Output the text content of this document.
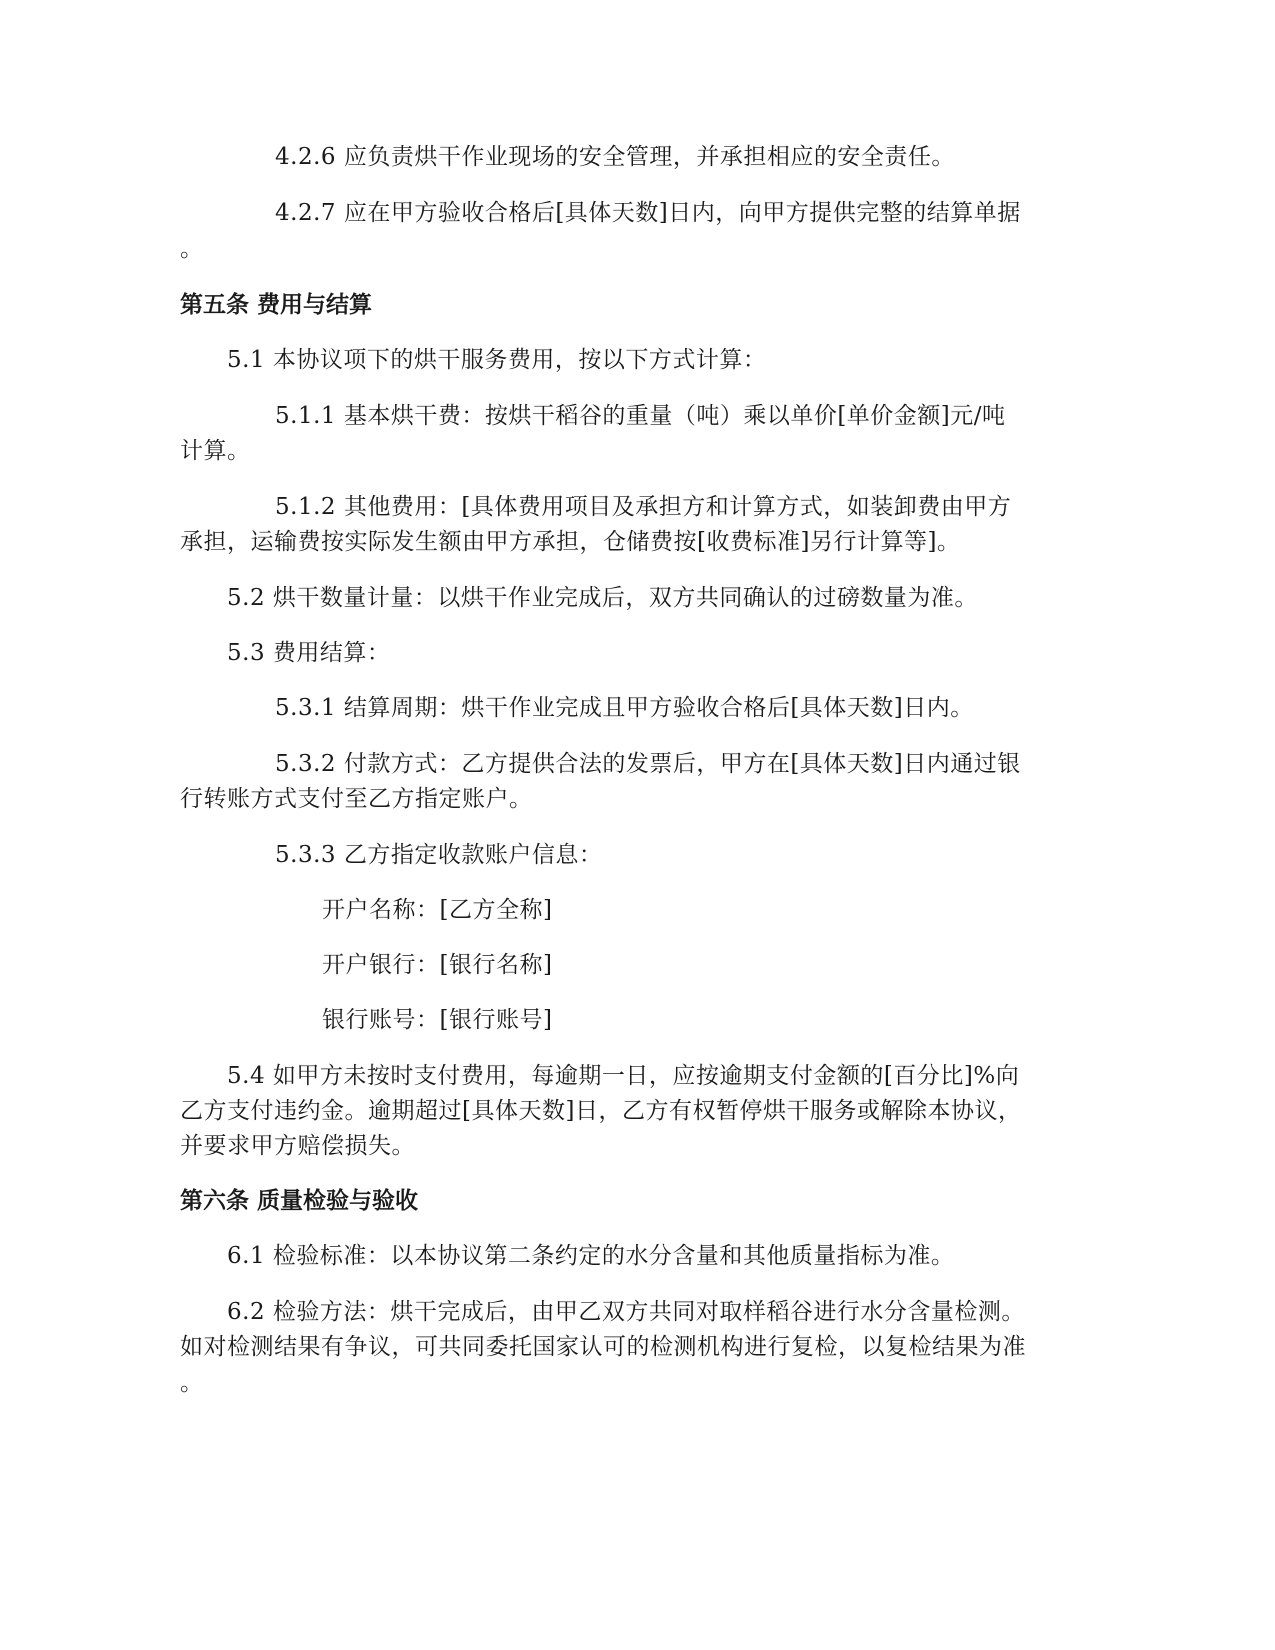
4.2.6 应负责烘干作业现场的安全管理，并承担相应的安全责任。
4.2.7 应在甲方验收合格后[具体天数]日内，向甲方提供完整的结算单据
。
第五条 费用与结算
5.1 本协议项下的烘干服务费用，按以下方式计算：
5.1.1 基本烘干费：按烘干稻谷的重量（吨）乘以单价[单价金额]元/吨
计算。
5.1.2 其他费用：[具体费用项目及承担方和计算方式，如装卸费由甲方
承担，运输费按实际发生额由甲方承担，仓储费按[收费标准]另行计算等]。
5.2 烘干数量计量：以烘干作业完成后，双方共同确认的过磅数量为准。
5.3 费用结算：
5.3.1 结算周期：烘干作业完成且甲方验收合格后[具体天数]日内。
5.3.2 付款方式：乙方提供合法的发票后，甲方在[具体天数]日内通过银
行转账方式支付至乙方指定账户。
5.3.3 乙方指定收款账户信息：
开户名称：[乙方全称]
开户银行：[银行名称]
银行账号：[银行账号]
5.4 如甲方未按时支付费用，每逾期一日，应按逾期支付金额的[百分比]%向
乙方支付违约金。逾期超过[具体天数]日，乙方有权暂停烘干服务或解除本协议，
并要求甲方赔偿损失。
第六条 质量检验与验收
6.1 检验标准：以本协议第二条约定的水分含量和其他质量指标为准。
6.2 检验方法：烘干完成后，由甲乙双方共同对取样稻谷进行水分含量检测。
如对检测结果有争议，可共同委托国家认可的检测机构进行复检，以复检结果为准
。
